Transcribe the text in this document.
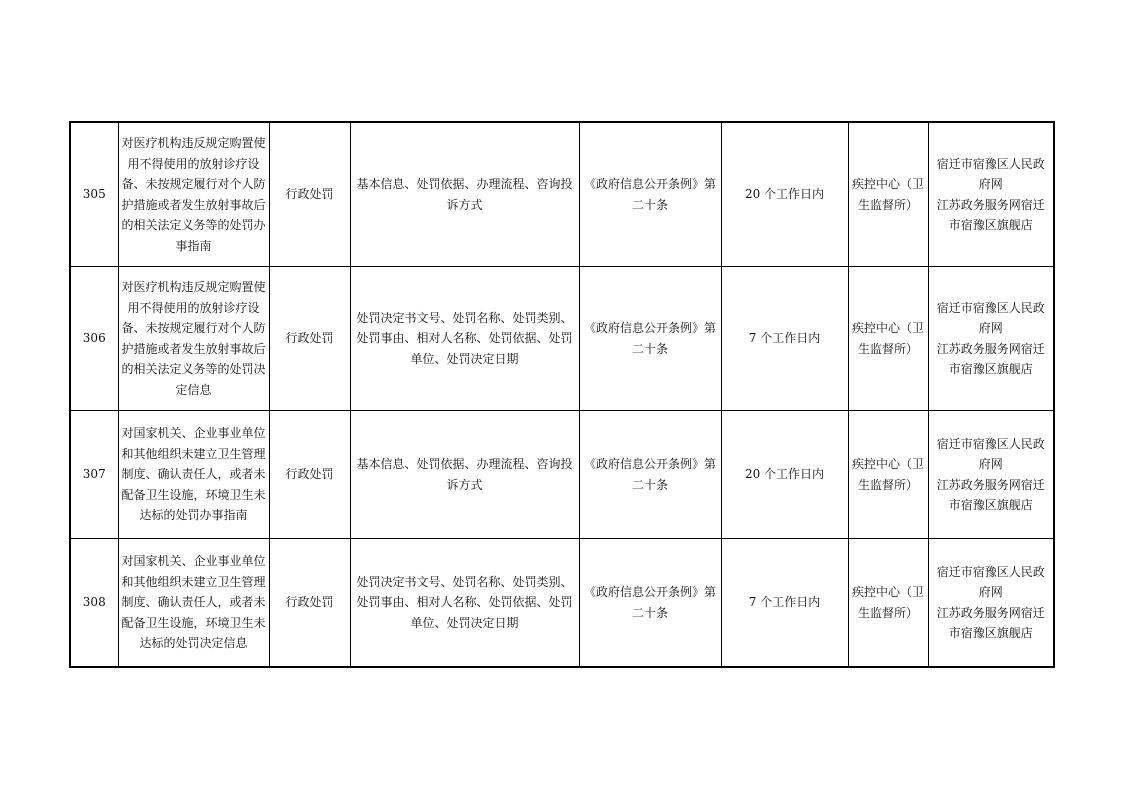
305	对医疗机构违反规定购置使用不得使用的放射诊疗设备、未按规定履行对个人防护措施或者发生放射事故后的相关法定义务等的处罚办事指南	行政处罚	基本信息、处罚依据、办理流程、咨询投诉方式	《政府信息公开条例》第二十条	20 个工作日内	疾控中心（卫生监督所）	宿迁市宿豫区人民政府网
江苏政务服务网宿迁市宿豫区旗舰店
306	对医疗机构违反规定购置使用不得使用的放射诊疗设备、未按规定履行对个人防护措施或者发生放射事故后的相关法定义务等的处罚决定信息	行政处罚	处罚决定书文号、处罚名称、处罚类别、处罚事由、相对人名称、处罚依据、处罚单位、处罚决定日期	《政府信息公开条例》第二十条	7 个工作日内	疾控中心（卫生监督所）	宿迁市宿豫区人民政府网
江苏政务服务网宿迁市宿豫区旗舰店
307	对国家机关、企业事业单位和其他组织未建立卫生管理制度、确认责任人，或者未配备卫生设施，环境卫生未达标的处罚办事指南	行政处罚	基本信息、处罚依据、办理流程、咨询投诉方式	《政府信息公开条例》第二十条	20 个工作日内	疾控中心（卫生监督所）	宿迁市宿豫区人民政府网
江苏政务服务网宿迁市宿豫区旗舰店
308	对国家机关、企业事业单位和其他组织未建立卫生管理制度、确认责任人，或者未配备卫生设施，环境卫生未达标的处罚决定信息	行政处罚	处罚决定书文号、处罚名称、处罚类别、处罚事由、相对人名称、处罚依据、处罚单位、处罚决定日期	《政府信息公开条例》第二十条	7 个工作日内	疾控中心（卫生监督所）	宿迁市宿豫区人民政府网
江苏政务服务网宿迁市宿豫区旗舰店
